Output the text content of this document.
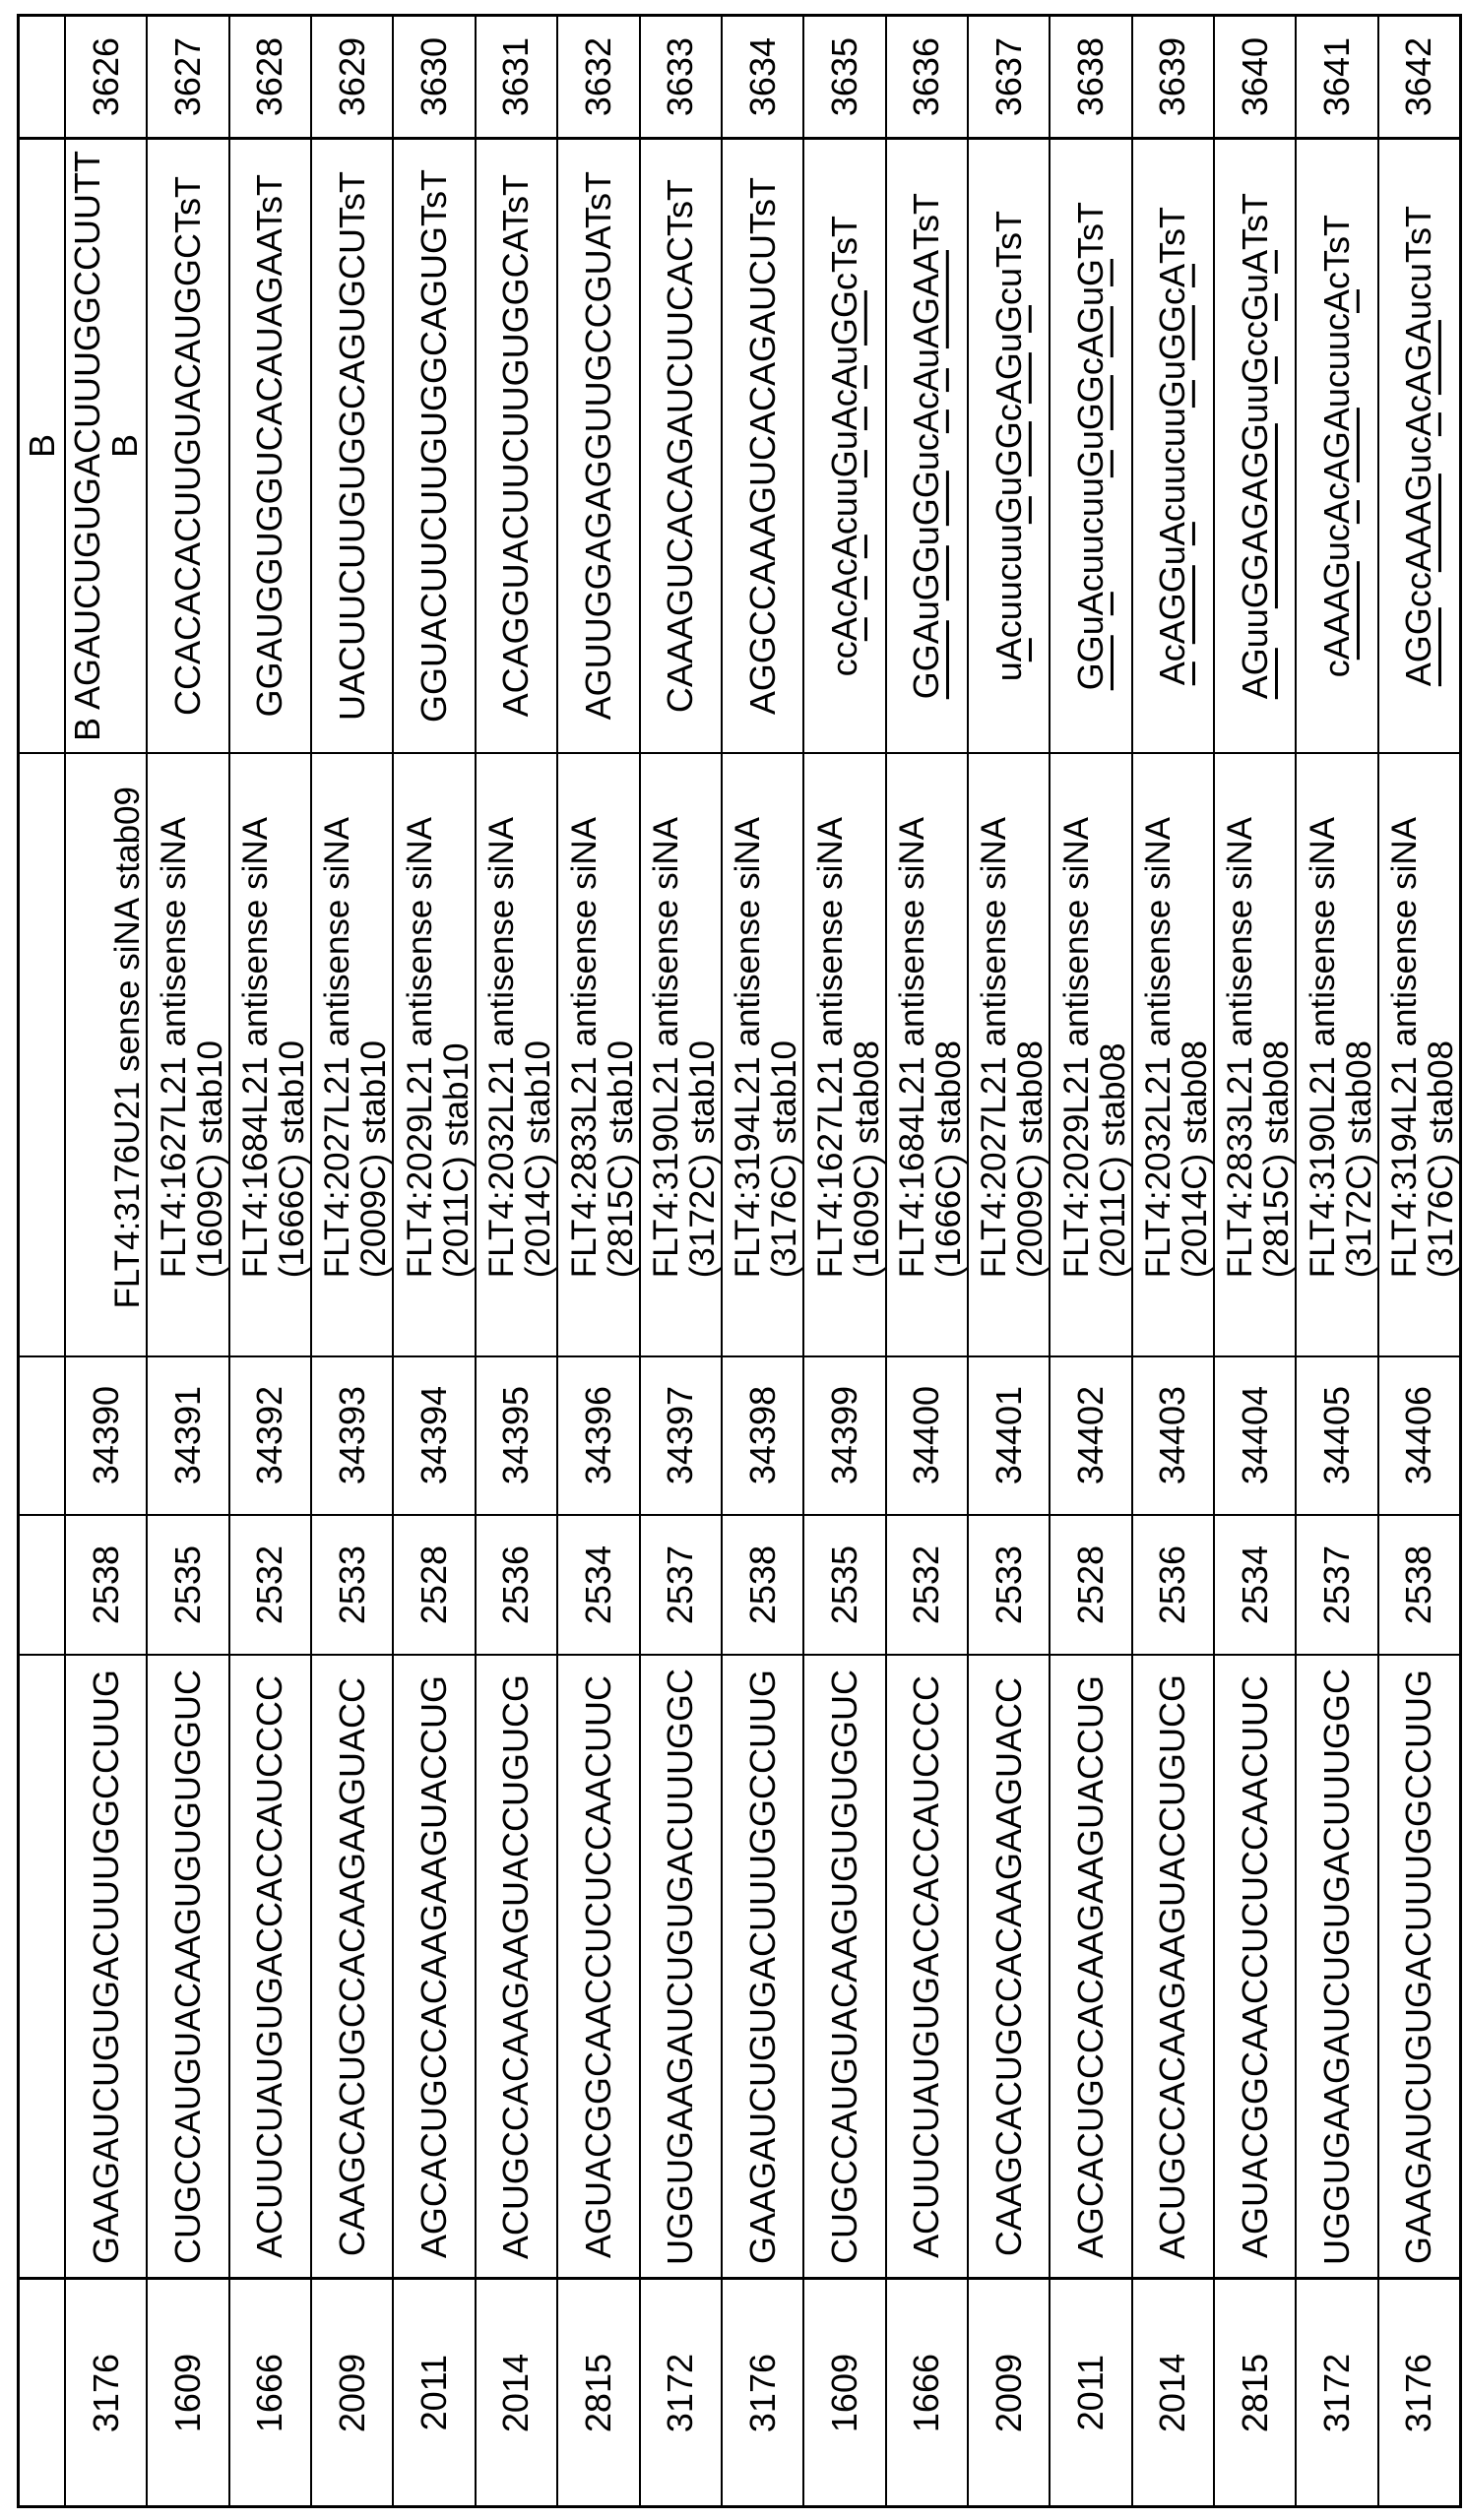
B
3626
B AGAUCUGUGACUUUGGCCUUTT
B
FLT4:3176U21 sense siNA stab09
34390
2538
GAAGAUCUGUGACUUUGGCCUUG
3176
3627
CCACACACUUGUACAUGGCTsT
FLT4:1627L21 antisense siNA
(1609C) stab10
34391
2535
CUGCCAUGUACAAGUGUGUGGUC
1609
3628
GGAUGGUGGUCACAUAGAATsT
FLT4:1684L21 antisense siNA
(1666C) stab10
34392
2532
ACUUCUAUGUGACCACCAUCCCC
1666
3629
UACUUCUUGUGGCAGUGCUTsT
FLT4:2027L21 antisense siNA
(2009C) stab10
34393
2533
CAAGCACUGCCACAAGAAGUACC
2009
3630
GGUACUUCUUGUGGCAGUGTsT
FLT4:2029L21 antisense siNA
(2011C) stab10
34394
2528
AGCACUGCCACAAGAAGUACCUG
2011
3631
ACAGGUACUUCUUGUGGCATsT
FLT4:2032L21 antisense siNA
(2014C) stab10
34395
2536
ACUGCCACAAGAAGUACCUGUCG
2014
3632
AGUUGGAGAGGUUGCCGUATsT
FLT4:2833L21 antisense siNA
(2815C) stab10
34396
2534
AGUACGGCAACCUCUCCAACUUC
2815
3633
CAAAGUCACAGAUCUUCACTsT
FLT4:3190L21 antisense siNA
(3172C) stab10
34397
2537
UGGUGAAGAUCUGUGACUUUGGC
3172
3634
AGGCCAAAGUCACAGAUCUTsT
FLT4:3194L21 antisense siNA
(3176C) stab10
34398
2538
GAAGAUCUGUGACUUUGGCCUUG
3176
3635
ccAcAcAcuuGuAcAuGGcTsT
FLT4:1627L21 antisense siNA
(1609C) stab08
34399
2535
CUGCCAUGUACAAGUGUGUGGUC
1609
3636
GGAuGGuGGucAcAuAGAATsT
FLT4:1684L21 antisense siNA
(1666C) stab08
34400
2532
ACUUCUAUGUGACCACCAUCCCC
1666
3637
uAcuucuuGuGGcAGuGcuTsT
FLT4:2027L21 antisense siNA
(2009C) stab08
34401
2533
CAAGCACUGCCACAAGAAGUACC
2009
3638
GGuAcuucuuGuGGcAGuGTsT
FLT4:2029L21 antisense siNA
(2011C) stab08
34402
2528
AGCACUGCCACAAGAAGUACCUG
2011
3639
AcAGGuAcuucuuGuGGcATsT
FLT4:2032L21 antisense siNA
(2014C) stab08
34403
2536
ACUGCCACAAGAAGUACCUGUCG
2014
3640
AGuuGGAGAGGuuGccGuATsT
FLT4:2833L21 antisense siNA
(2815C) stab08
34404
2534
AGUACGGCAACCUCUCCAACUUC
2815
3641
cAAAGucAcAGAucuucAcTsT
FLT4:3190L21 antisense siNA
(3172C) stab08
34405
2537
UGGUGAAGAUCUGUGACUUUGGC
3172
3642
AGGccAAAGucAcAGAucuTsT
FLT4:3194L21 antisense siNA
(3176C) stab08
34406
2538
GAAGAUCUGUGACUUUGGCCUUG
3176
